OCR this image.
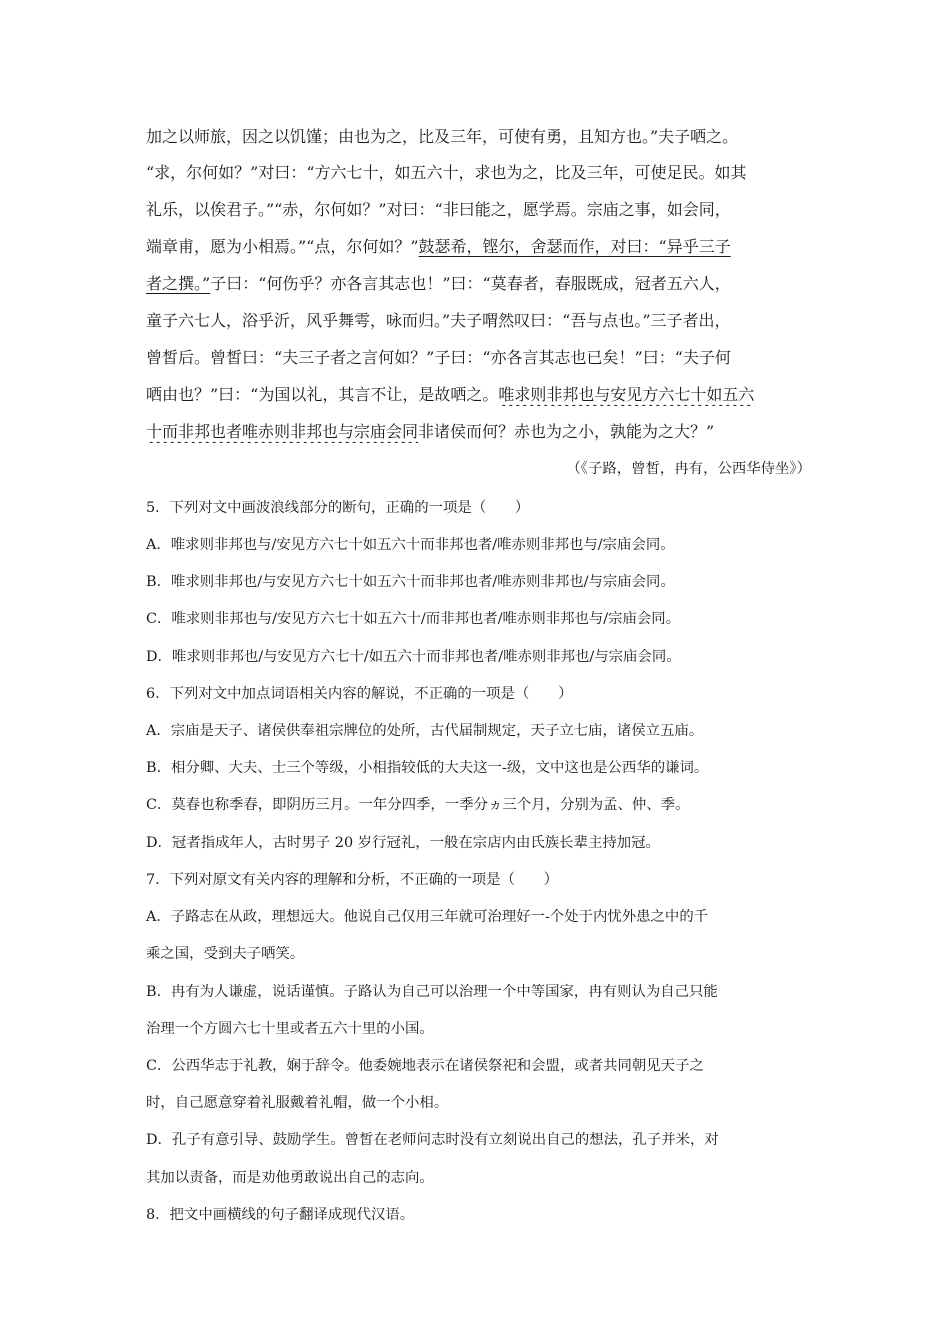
加之以师旅，因之以饥馑；由也为之，比及三年，可使有勇，且知方也。”夫子哂之。
“求，尔何如？”对曰：“方六七十，如五六十，求也为之，比及三年，可使足民。如其
礼乐，以俟君子。”“赤，尔何如？”对曰：“非曰能之，愿学焉。宗庙之事，如会同，
端章甫，愿为小相焉。”“点，尔何如？”鼓瑟希，铿尔，舍瑟而作，对曰：“异乎三子
者之撰。”子曰：“何伤乎？亦各言其志也！”曰：“莫春者，春服既成，冠者五六人，
童子六七人，浴乎沂，风乎舞雩，咏而归。”夫子喟然叹曰：“吾与点也。”三子者出，
曾皙后。曾皙曰：“夫三子者之言何如？”子曰：“亦各言其志也已矣！”曰：“夫子何
哂由也？”曰：“为国以礼，其言不让，是故哂之。唯求则非邦也与安见方六七十如五六
十而非邦也者唯赤则非邦也与宗庙会同非诸侯而何？赤也为之小，孰能为之大？”
（《子路，曾皙，冉有，公西华侍坐》）
5．下列对文中画波浪线部分的断句，正确的一项是（　　）
A．唯求则非邦也与/安见方六七十如五六十而非邦也者/唯赤则非邦也与/宗庙会同。
B．唯求则非邦也/与安见方六七十如五六十而非邦也者/唯赤则非邦也/与宗庙会同。
C．唯求则非邦也与/安见方六七十如五六十/而非邦也者/唯赤则非邦也与/宗庙会同。
D．唯求则非邦也/与安见方六七十/如五六十而非邦也者/唯赤则非邦也/与宗庙会同。
6．下列对文中加点词语相关内容的解说，不正确的一项是（　　）
A．宗庙是天子、诸侯供奉祖宗牌位的处所，古代届制规定，天子立七庙，诸侯立五庙。
B．相分卿、大夫、士三个等级，小相指较低的大夫这一-级，文中这也是公西华的谦词。
C．莫春也称季春，即阴历三月。一年分四季，一季分ヵ三个月，分别为孟、仲、季。
D．冠者指成年人，古时男子 20 岁行冠礼，一般在宗店内由氏族长辈主持加冠。
7．下列对原文有关内容的理解和分析，不正确的一项是（　　）
A．子路志在从政，理想远大。他说自己仅用三年就可治理好一-个处于内忧外患之中的千
乘之国，受到夫子哂笑。
B．冉有为人谦虚，说话谨慎。子路认为自己可以治理一个中等国家，冉有则认为自己只能
治理一个方圆六七十里或者五六十里的小国。
C．公西华志于礼教，娴于辞令。他委婉地表示在诸侯祭祀和会盟，或者共同朝见天子之
时，自己愿意穿着礼服戴着礼帽，做一个小相。
D．孔子有意引导、鼓励学生。曾皙在老师问志时没有立刻说出自己的想法，孔子并米，对
其加以责备，而是劝他勇敢说出自己的志向。
8．把文中画横线的句子翻译成现代汉语。
